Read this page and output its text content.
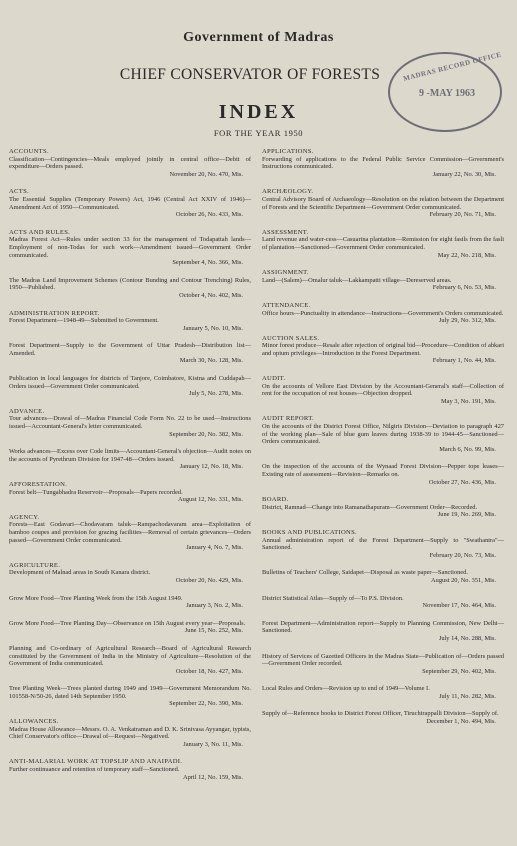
Government of Madras
CHIEF CONSERVATOR OF FORESTS
INDEX
FOR THE YEAR 1950
MADRAS RECORD OFFICE
9 -MAY 1963
ACCOUNTS.
Classification—Contingencies—Meals employed jointly in central office—Debit of expenditure—Orders passed.
November 20, No. 470, Mis.
ACTS.
The Essential Supplies (Temporary Powers) Act, 1946 (Central Act XXIV of 1946)—Amendment Act of 1950—Communicated.
October 26, No. 433, Mis.
ACTS AND RULES.
Madras Forest Act—Rules under section 33 for the management of Todapattah lands—Employment of non-Todas for such work—Amendment issued—Government Order communicated.
September 4, No. 366, Mis.
The Madras Land Improvement Schemes (Contour Bunding and Contour Trenching) Rules, 1950—Published.
October 4, No. 402, Mis.
ADMINISTRATION REPORT.
Forest Department—1948-49—Submitted to Government.
January 5, No. 10, Mis.
Forest Department—Supply to the Government of Uttar Pradesh—Distribution list—Amended.
March 30, No. 128, Mis.
Publication in local languages for districts of Tanjore, Coimbatore, Kistna and Cuddapah—Orders issued—Government Order communicated.
July 5, No. 278, Mis.
ADVANCE.
Tour advances—Drawal of—Madras Financial Code Form No. 22 to be used—Instructions issued—Accountant-General's letter communicated.
September 20, No. 382, Mis.
Works advances—Excess over Code limits—Accountant-General's objection—Audit notes on the accounts of Pyrethrum Division for 1947-48—Orders issued.
January 12, No. 18, Mis.
AFFORESTATION.
Forest belt—Tungabhadra Reservoir—Proposals—Papers recorded.
August 12, No. 331, Mis.
AGENCY.
Forests—East Godavari—Chodavaram taluk—Rampachodavaram area—Exploitation of bamboo coupes and provision for grazing facilities—Removal of certain grievances—Orders passed—Government Order communicated.
January 4, No. 7, Mis.
AGRICULTURE.
Development of Malnad areas in South Kanara district.
October 20, No. 429, Mis.
Grow More Food—Tree Planting Week from the 15th August 1949.
January 3, No. 2, Mis.
Grow More Food—Tree Planting Day—Observance on 15th August every year—Proposals.
June 15, No. 252, Mis.
Planning and Co-ordinary of Agricultural Research—Board of Agricultural Research constituted by the Government of India in the Ministry of Agriculture—Resolution of the Government of India communicated.
October 18, No. 427, Mis.
Tree Planting Week—Trees planted during 1949 and 1949—Government Memorandum No. 101558-N/50-26, dated 14th September 1950.
September 22, No. 390, Mis.
ALLOWANCES.
Madras House Allowance—Messrs. O. A. Venkatraman and D. K. Srinivasa Ayyangar, typists, Chief Conservator's office—Drawal of—Request—Negatived.
January 3, No. 11, Mis.
ANTI-MALARIAL WORK AT TOPSLIP AND ANAIPADI.
Further continuance and retention of temporary staff—Sanctioned.
April 12, No. 159, Mis.
APPLICATIONS.
Forwarding of applications to the Federal Public Service Commission—Government's Instructions communicated.
January 22, No. 30, Mis.
ARCHÆOLOGY.
Central Advisory Board of Archaeology—Resolution on the relation between the Department of Forests and the Scientific Department—Government Order communicated.
February 20, No. 71, Mis.
ASSESSMENT.
Land revenue and water-cess—Casuarina plantation—Remission for eight fasils from the fasli of plantation—Sanctioned—Government Order communicated.
May 22, No. 218, Mis.
ASSIGNMENT.
Land—(Salem)—Omalur taluk—Lakkampatti village—Dereserved areas.
February 6, No. 53, Mis.
ATTENDANCE.
Office hours—Punctuality in attendance—Instructions—Government's Orders communicated.
July 29, No. 312, Mis.
AUCTION SALES.
Minor forest produce—Resale after rejection of original bid—Procedure—Condition of abkari and opium privileges—Introduction in the Forest Department.
February 1, No. 44, Mis.
AUDIT.
On the accounts of Vellore East Division by the Accountant-General's staff—Collection of rent for the occupation of rest houses—Objection dropped.
May 3, No. 191, Mis.
AUDIT REPORT.
On the accounts of the District Forest Office, Nilgiris Division—Deviation to paragraph 427 of the working plan—Sale of blue gum leaves during 1938-39 to 1944-45—Sanctioned—Orders communicated.
March 6, No. 99, Mis.
On the inspection of the accounts of the Wynaad Forest Division—Pepper tope leases—Existing rate of assessment—Revision—Remarks on.
October 27, No. 436, Mis.
BOARD.
District, Ramnad—Change into Ramanathapuram—Government Order—Recorded.
June 19, No. 269, Mis.
BOOKS AND PUBLICATIONS.
Annual administration report of the Forest Department—Supply to "Swathantra"—Sanctioned.
February 20, No. 73, Mis.
Bulletins of Teachers' College, Saidapet—Disposal as waste paper—Sanctioned.
August 20, No. 351, Mis.
District Statistical Atlas—Supply of—To P.S. Division.
November 17, No. 464, Mis.
Forest Department—Administration report—Supply to Planning Commission, New Delhi—Sanctioned.
July 14, No. 288, Mis.
History of Services of Gazetted Officers in the Madras State—Publication of—Orders passed—Government Order recorded.
September 29, No. 402, Mis.
Local Rules and Orders—Revision up to end of 1949—Volume I.
July 11, No. 282, Mis.
Supply of—Reference books to District Forest Officer, Tiruchirappalli Division—Supply of.
December 1, No. 494, Mis.
